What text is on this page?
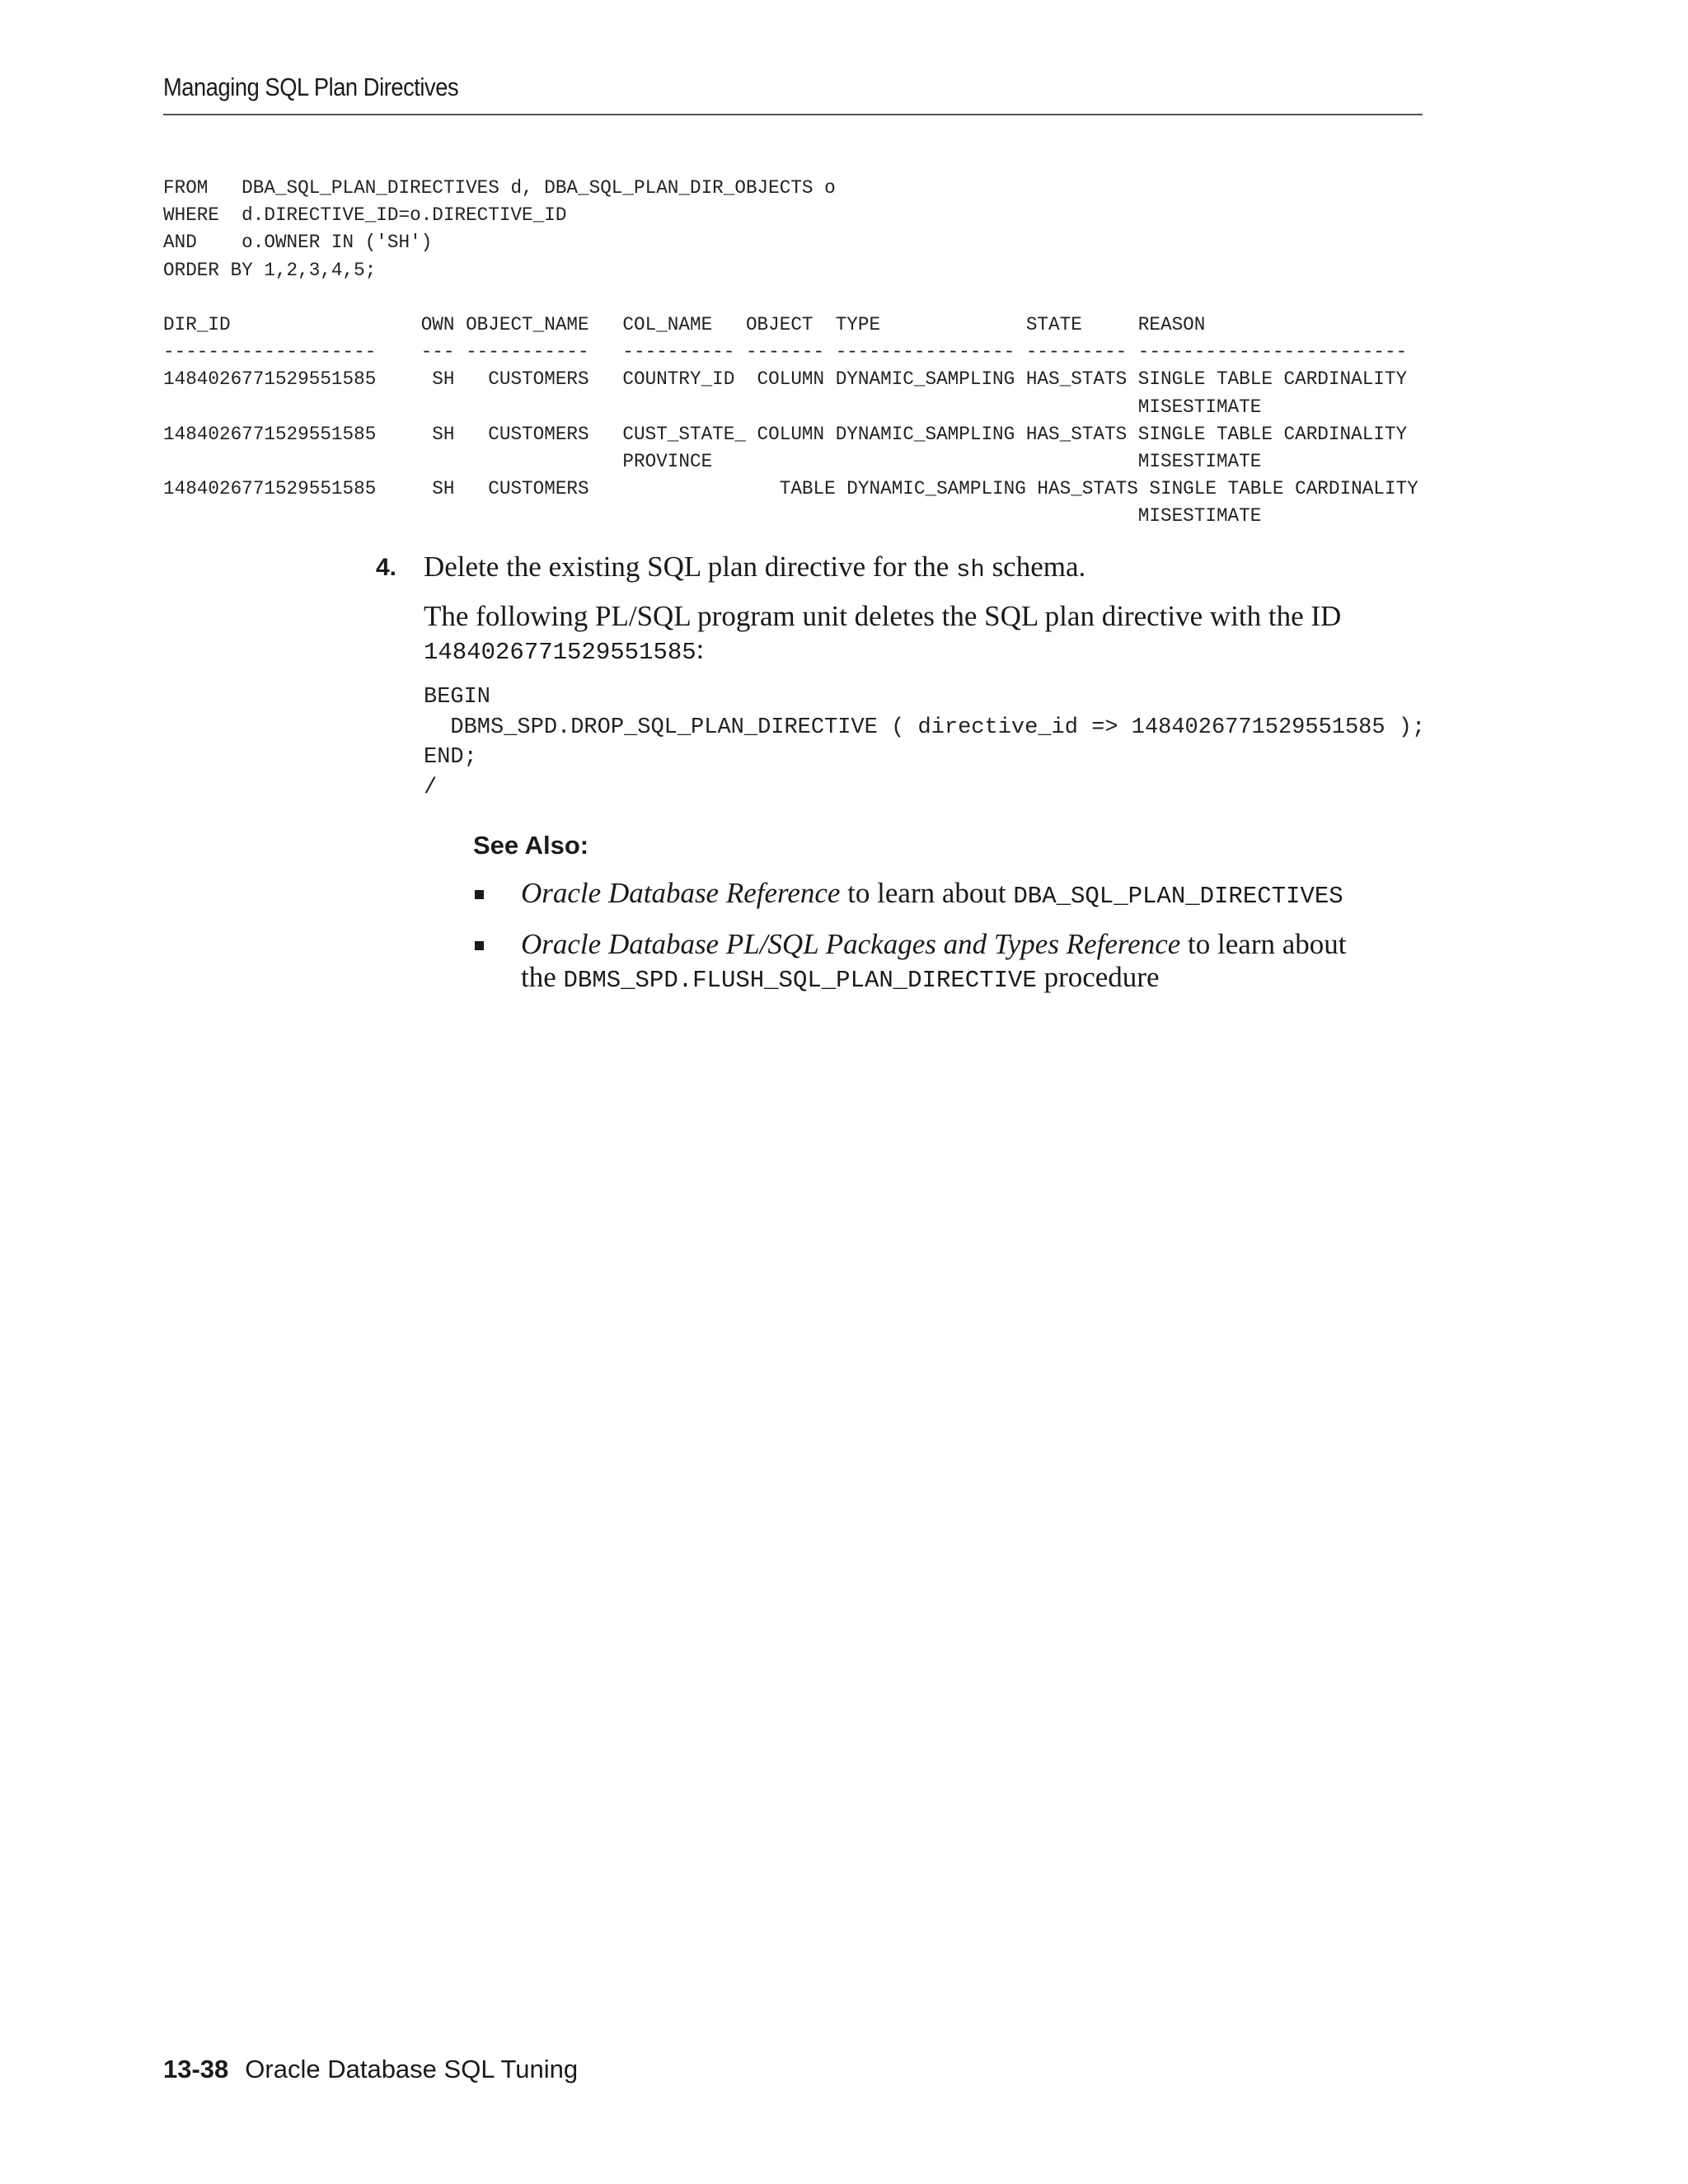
Managing SQL Plan Directives
FROM   DBA_SQL_PLAN_DIRECTIVES d, DBA_SQL_PLAN_DIR_OBJECTS o
WHERE  d.DIRECTIVE_ID=o.DIRECTIVE_ID
AND    o.OWNER IN ('SH')
ORDER BY 1,2,3,4,5;
DIR_ID                 OWN OBJECT_NAME   COL_NAME   OBJECT  TYPE             STATE     REASON
-------------------    --- -----------   ---------- ------- ---------------- --------- ------------------------
1484026771529551585     SH   CUSTOMERS   COUNTRY_ID  COLUMN DYNAMIC_SAMPLING HAS_STATS SINGLE TABLE CARDINALITY
MISESTIMATE
1484026771529551585     SH   CUSTOMERS   CUST_STATE_ COLUMN DYNAMIC_SAMPLING HAS_STATS SINGLE TABLE CARDINALITY
PROVINCE                                      MISESTIMATE
1484026771529551585     SH   CUSTOMERS                 TABLE DYNAMIC_SAMPLING HAS_STATS SINGLE TABLE CARDINALITY
MISESTIMATE
4. Delete the existing SQL plan directive for the sh schema.
The following PL/SQL program unit deletes the SQL plan directive with the ID 1484026771529551585:
BEGIN
DBMS_SPD.DROP_SQL_PLAN_DIRECTIVE ( directive_id => 1484026771529551585 );
END;
/
See Also:
Oracle Database Reference to learn about DBA_SQL_PLAN_DIRECTIVES
Oracle Database PL/SQL Packages and Types Reference to learn about the DBMS_SPD.FLUSH_SQL_PLAN_DIRECTIVE procedure
13-38 Oracle Database SQL Tuning
